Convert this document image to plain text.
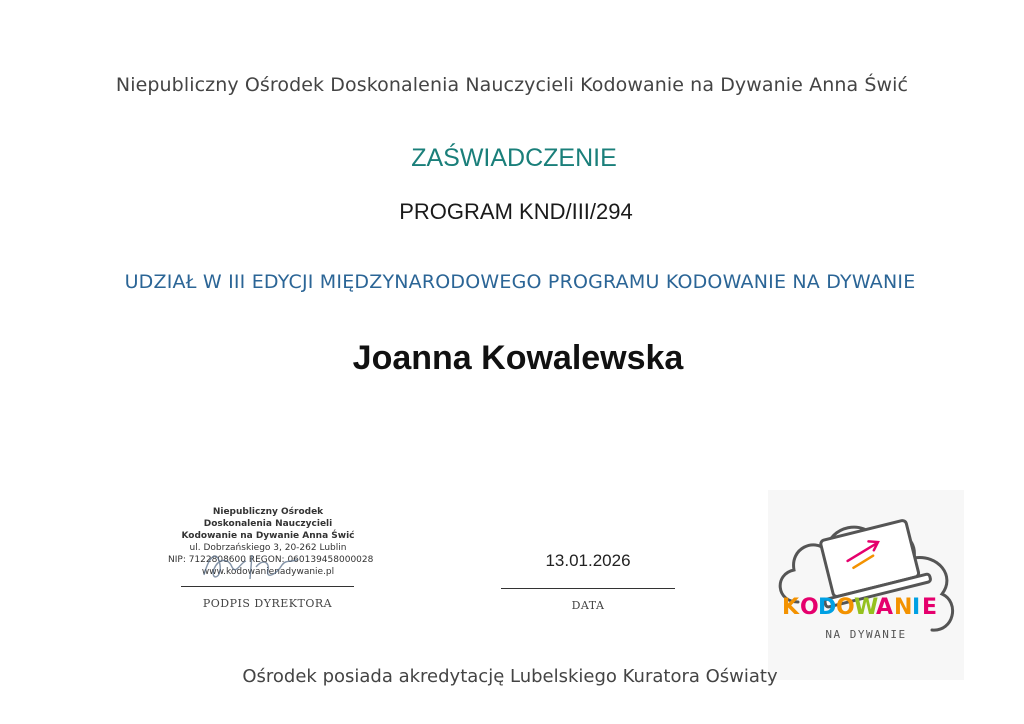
Niepubliczny Ośrodek Doskonalenia Nauczycieli Kodowanie na Dywanie Anna Świć
ZAŚWIADCZENIE
PROGRAM KND/III/294
UDZIAŁ W III EDYCJI MIĘDZYNARODOWEGO PROGRAMU KODOWANIE NA DYWANIE
Joanna Kowalewska
Niepubliczny Ośrodek
Doskonalenia Nauczycieli
Kodowanie na Dywanie Anna Świć
ul. Dobrzańskiego 3, 20-262 Lublin
NIP: 7122808600 REGON: 060139458000028
www.kodowanienadywanie.pl
PODPIS DYREKTORA
13.01.2026
DATA	K O D O W
A N I E
NA DYWANIE
Ośrodek posiada akredytację Lubelskiego Kuratora Oświaty
